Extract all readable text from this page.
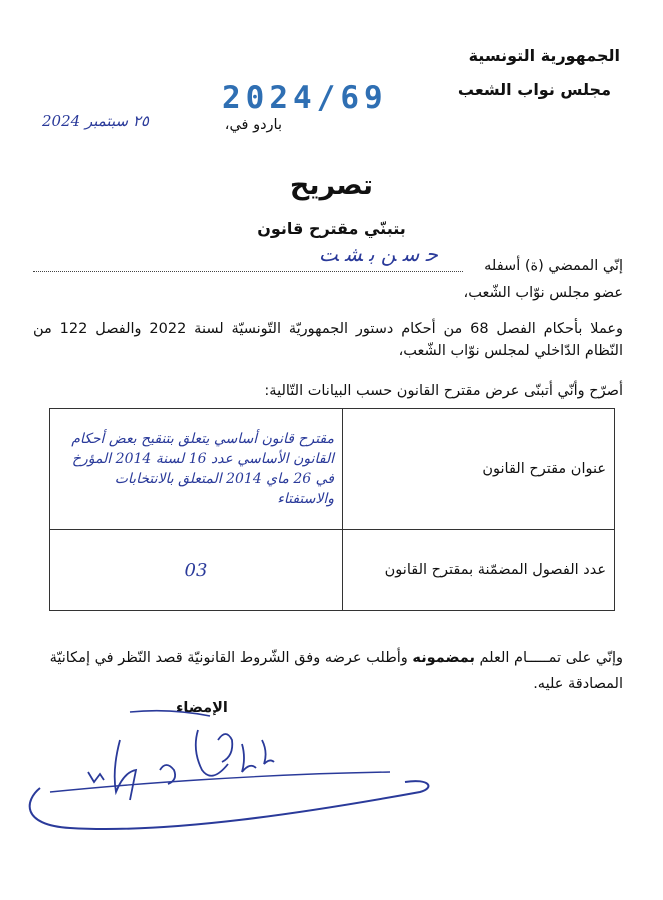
الجمهورية التونسية
مجلس نواب الشعب
2024/69
باردو في،
٢٥ سبتمبر 2024
تصريح
بتبنّي مقترح قانون
إنّي الممضي (ة) أسفله
ﺣ ﺳ ﻦ ﺑ ﺸ ﺖ
عضو مجلس نوّاب الشّعب،
وعملا بأحكام الفصل 68 من أحكام دستور الجمهوريّة التّونسيّة لسنة 2022 والفصل 122 من النّظام الدّاخلي لمجلس نوّاب الشّعب،
أصرّح وأنّي أتبنّى عرض مقترح القانون حسب البيانات التّالية:
عنوان مقترح القانون	مقترح قانون أساسي يتعلق بتنقيح بعض أحكام القانون الأساسي عدد 16 لسنة 2014 المؤرخ في 26 ماي 2014 المتعلق بالانتخابات والاستفتاء
عدد الفصول المضمّنة بمقترح القانون	03
وإنّي على تمـــــام العلم بمضمونه وأطلب عرضه وفق الشّروط القانونيّة قصد النّظر في إمكانيّة المصادقة عليه.
الإمضاء
